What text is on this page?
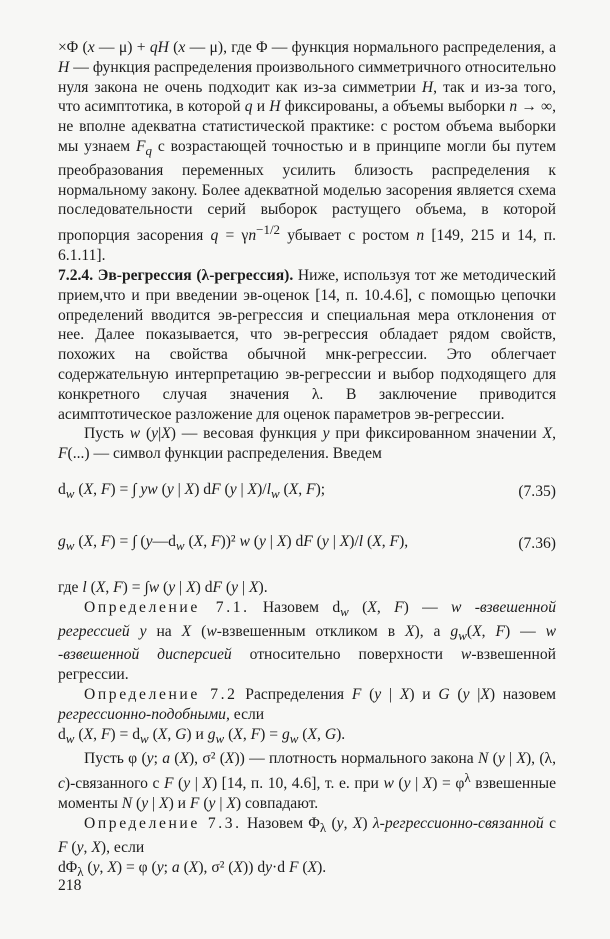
×Φ (x — μ) + qH (x — μ), где Φ — функция нормального распределения, а H — функция распределения произвольного симметричного относительно нуля закона не очень подходит как из-за симметрии H, так и из-за того, что асимптотика, в которой q и H фиксированы, а объемы выборки n → ∞, не вполне адекватна статистической практике: с ростом объема выборки мы узнаем $F_q$ с возрастающей точностью и в принципе могли бы путем преобразования переменных усилить близость распределения к нормальному закону. Более адекватной моделью засорения является схема последовательности серий выборок растущего объема, в которой пропорция засорения $q = \gamma n^{-1/2}$ убывает с ростом n [149, 215 и 14, п. 6.1.11].

7.2.4. Эв-регрессия (λ-регрессия). Ниже, используя тот же методический прием,что и при введении эв-оценок [14, п. 10.4.6], с помощью цепочки определений вводится эв-регрессия и специальная мера отклонения от нее. Далее показывается, что эв-регрессия обладает рядом свойств, похожих на свойства обычной мнк-регрессии. Это облегчает содержательную интерпретацию эв-регрессии и выбор подходящего для конкретного случая значения λ. В заключение приводится асимптотическое разложение для оценок параметров эв-регрессии.

Пусть w (y|X) — весовая функция y при фиксированном значении X, F(...) — символ функции распределения. Введем

$d_w$ (X, F) = ∫ yw (y | X) dF (y | $X)/l_w$ (X, F);	(7.35)
$g_w$ (X, F) = ∫ ($y—d_w$ (X, F))² w (y | X) dF (y | X)/l (X, F),	(7.36)

где l (X, F) = ∫w (y | X) dF (y | X).

Определение 7.1. Назовем $d_w$ (X, F) — w -взвешенной регрессией y на X (w-взвешенным откликом в X), а $g_w(X$, F) — w -взвешенной дисперсией относительно поверхности w-взвешенной регрессии.

Определение 7.2 Распределения F (y | X) и G (y |X) назовем регрессионно-подобными, если

$d_w$ (X, $F) = d_w$ (X, G) и $g_w$ (X, $F) = g_w$ (X, G).

Пусть φ (y; a (X), σ² (X)) — плотность нормального закона N (y | X), (λ, c)-связанного с F (y | X) [14, п. 10, 4.6], т. е. при w (y | $X) = \varphi^\lambda$ взвешенные моменты N (y | X) и F (y | X) совпадают.

Определение 7.3. Назовем $\Phi_\lambda$ (y, X) λ-регрессионно-связанной с F (y, X), если

$d\Phi_\lambda$ (y, X) = φ (y; a (X), σ² (X)) dy·d F (X).

218
